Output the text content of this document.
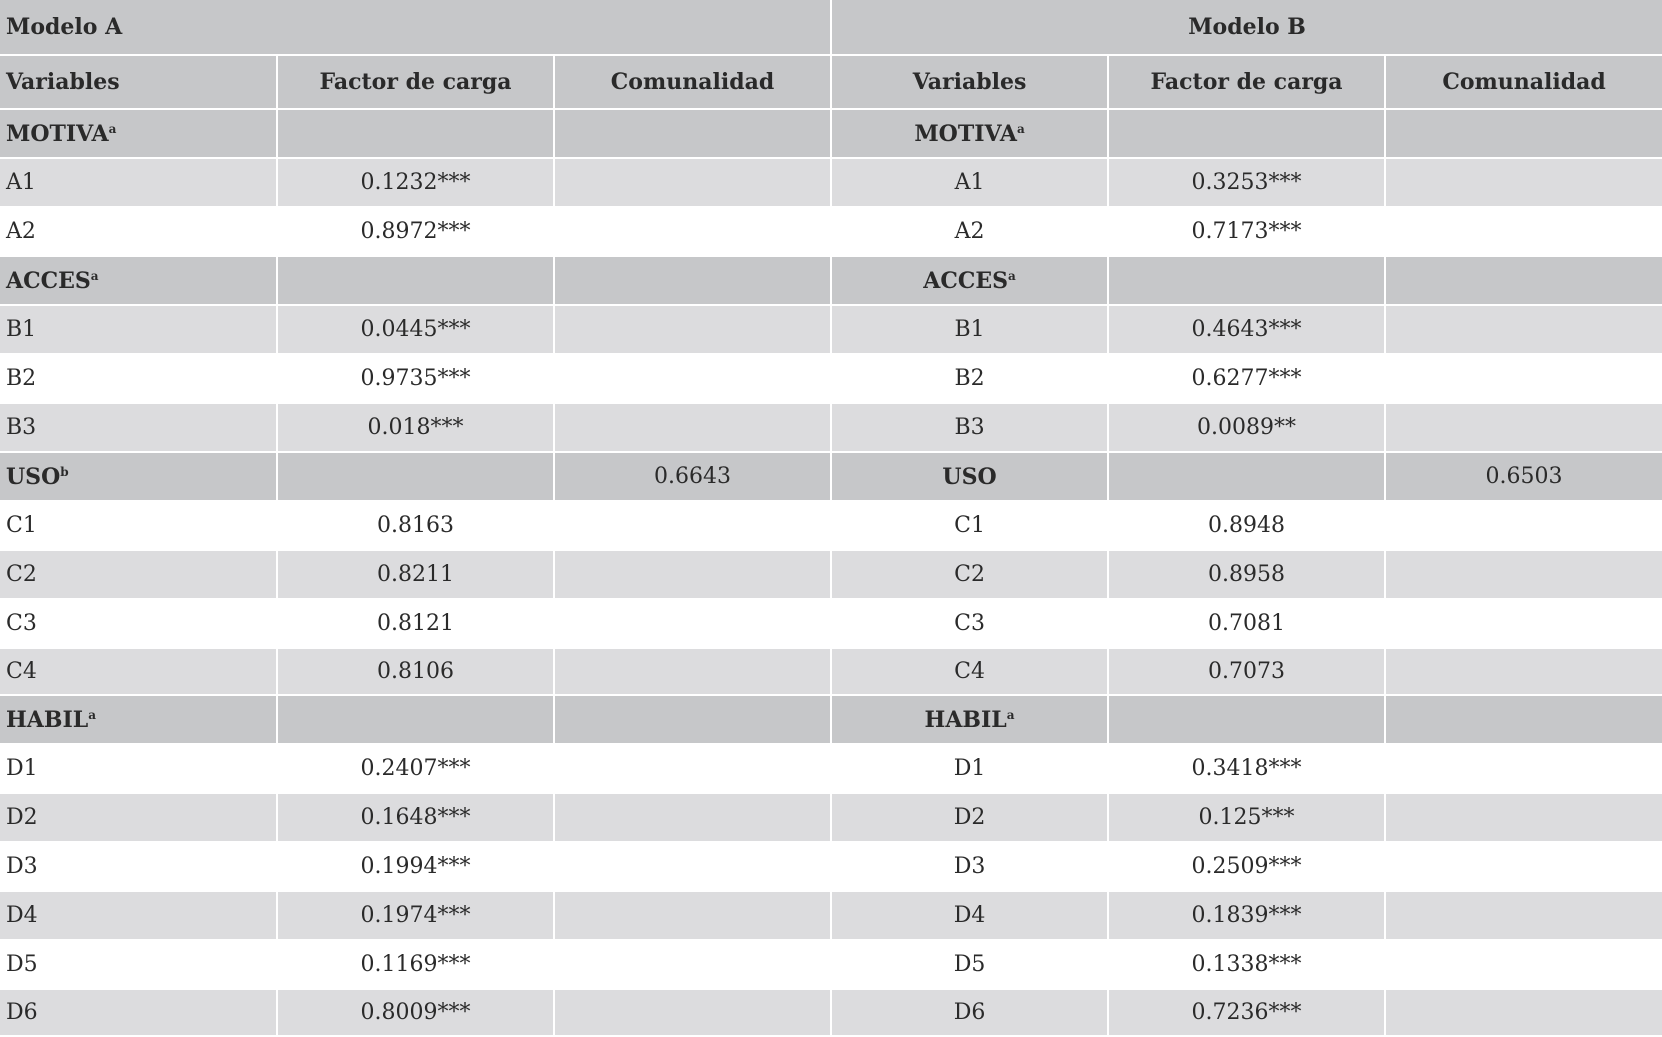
Modelo A			Modelo B		
Variables	Factor de carga	Comunalidad	Variables	Factor de carga	Comunalidad
MOTIVA$^a$			MOTIVA$^a$		
A1	0.1232***		A1	0.3253***	
A2	0.8972***		A2	0.7173***	
ACCES$^a$			ACCES$^a$		
B1	0.0445***		B1	0.4643***	
B2	0.9735***		B2	0.6277***	
B3	0.018***		B3	0.0089**	
USO$^b$		0.6643	USO		0.6503
C1	0.8163		C1	0.8948	
C2	0.8211		C2	0.8958	
C3	0.8121		C3	0.7081	
C4	0.8106		C4	0.7073	
HABIL$^a$			HABIL$^a$		
D1	0.2407***		D1	0.3418***	
D2	0.1648***		D2	0.125***	
D3	0.1994***		D3	0.2509***	
D4	0.1974***		D4	0.1839***	
D5	0.1169***		D5	0.1338***	
D6	0.8009***		D6	0.7236***	
